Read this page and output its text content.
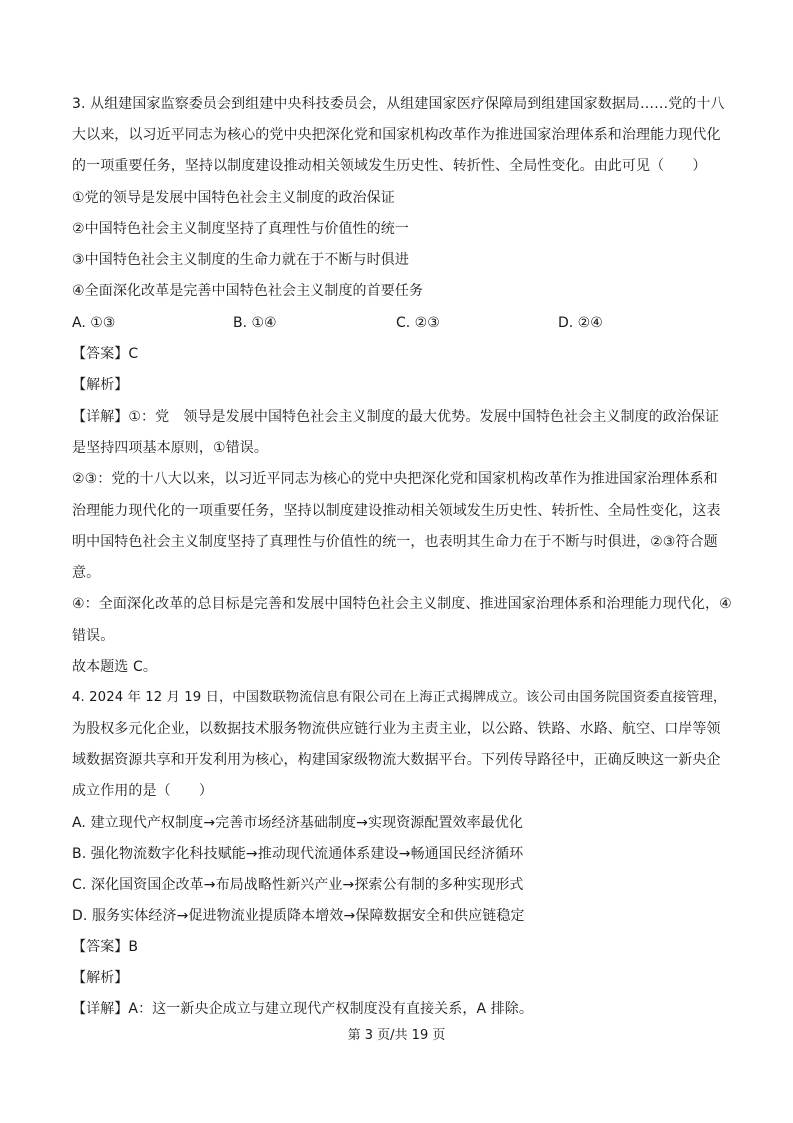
3. 从组建国家监察委员会到组建中央科技委员会，从组建国家医疗保障局到组建国家数据局……党的十八
大以来，以习近平同志为核心的党中央把深化党和国家机构改革作为推进国家治理体系和治理能力现代化
的一项重要任务，坚持以制度建设推动相关领域发生历史性、转折性、全局性变化。由此可见（　　）
①党的领导是发展中国特色社会主义制度的政治保证
②中国特色社会主义制度坚持了真理性与价值性的统一
③中国特色社会主义制度的生命力就在于不断与时俱进
④全面深化改革是完善中国特色社会主义制度的首要任务
A. ①③	B. ①④	C. ②③	D. ②④
【答案】C
【解析】
【详解】①：党　领导是发展中国特色社会主义制度的最大优势。发展中国特色社会主义制度的政治保证
是坚持四项基本原则，①错误。
②③：党的十八大以来，以习近平同志为核心的党中央把深化党和国家机构改革作为推进国家治理体系和
治理能力现代化的一项重要任务，坚持以制度建设推动相关领域发生历史性、转折性、全局性变化，这表
明中国特色社会主义制度坚持了真理性与价值性的统一，也表明其生命力在于不断与时俱进，②③符合题
意。
④：全面深化改革的总目标是完善和发展中国特色社会主义制度、推进国家治理体系和治理能力现代化，④
错误。
故本题选 C。
4. 2024 年 12 月 19 日，中国数联物流信息有限公司在上海正式揭牌成立。该公司由国务院国资委直接管理，
为股权多元化企业，以数据技术服务物流供应链行业为主责主业，以公路、铁路、水路、航空、口岸等领
域数据资源共享和开发利用为核心，构建国家级物流大数据平台。下列传导路径中，正确反映这一新央企
成立作用的是（　　）
A. 建立现代产权制度→完善市场经济基础制度→实现资源配置效率最优化
B. 强化物流数字化科技赋能→推动现代流通体系建设→畅通国民经济循环
C. 深化国资国企改革→布局战略性新兴产业→探索公有制的多种实现形式
D. 服务实体经济→促进物流业提质降本增效→保障数据安全和供应链稳定
【答案】B
【解析】
【详解】A：这一新央企成立与建立现代产权制度没有直接关系，A 排除。
第 3 页/共 19 页
